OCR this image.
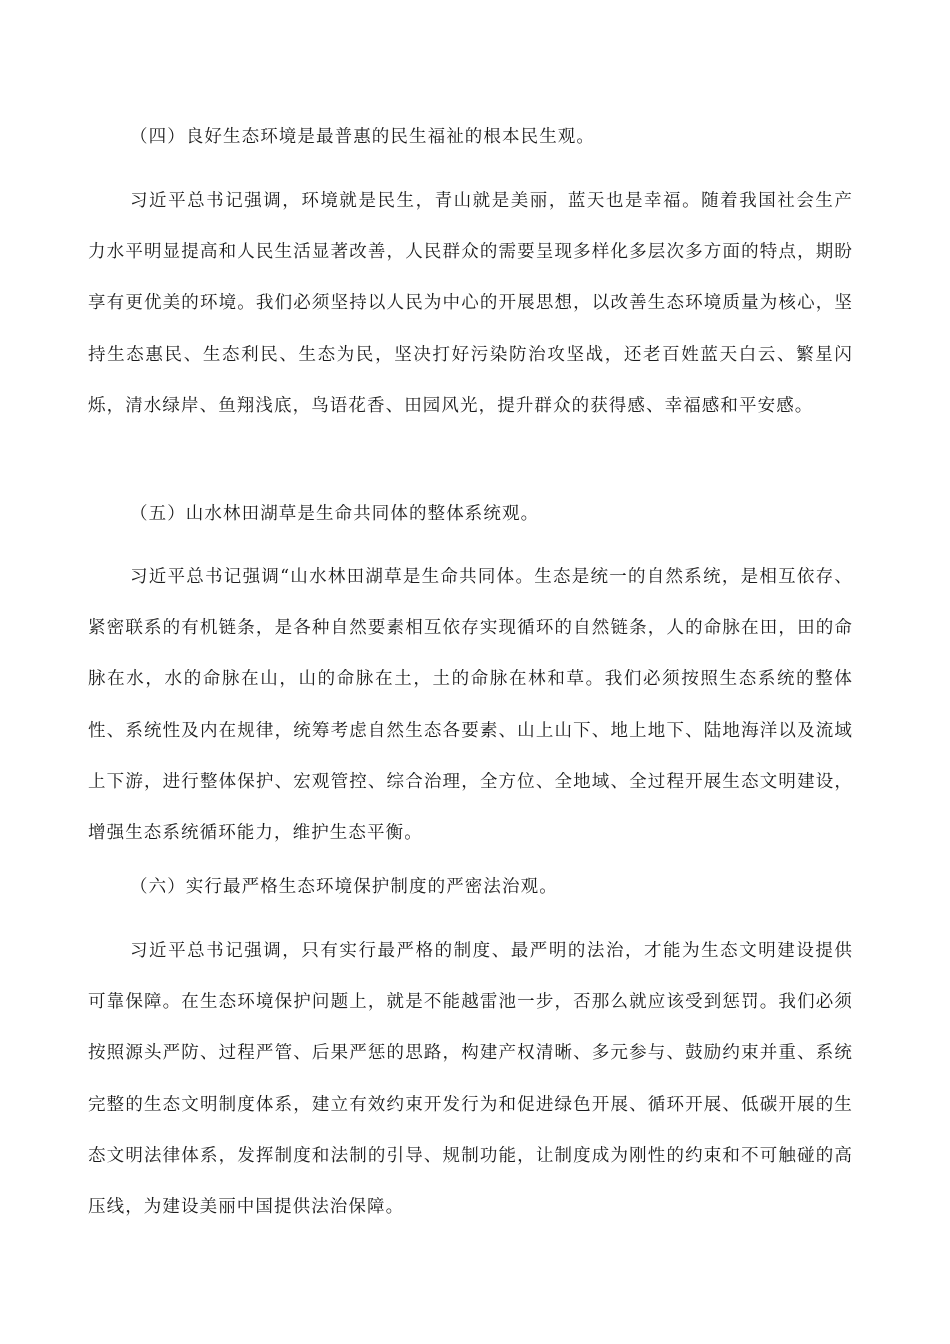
（四）良好生态环境是最普惠的民生福祉的根本民生观。

习近平总书记强调，环境就是民生，青山就是美丽，蓝天也是幸福。随着我国社会生产力水平明显提高和人民生活显著改善，人民群众的需要呈现多样化多层次多方面的特点，期盼享有更优美的环境。我们必须坚持以人民为中心的开展思想，以改善生态环境质量为核心，坚持生态惠民、生态利民、生态为民，坚决打好污染防治攻坚战，还老百姓蓝天白云、繁星闪烁，清水绿岸、鱼翔浅底，鸟语花香、田园风光，提升群众的获得感、幸福感和平安感。

（五）山水林田湖草是生命共同体的整体系统观。

习近平总书记强调“山水林田湖草是生命共同体。生态是统一的自然系统，是相互依存、紧密联系的有机链条，是各种自然要素相互依存实现循环的自然链条，人的命脉在田，田的命脉在水，水的命脉在山，山的命脉在土，土的命脉在林和草。我们必须按照生态系统的整体性、系统性及内在规律，统筹考虑自然生态各要素、山上山下、地上地下、陆地海洋以及流域上下游，进行整体保护、宏观管控、综合治理，全方位、全地域、全过程开展生态文明建设，增强生态系统循环能力，维护生态平衡。

（六）实行最严格生态环境保护制度的严密法治观。

习近平总书记强调，只有实行最严格的制度、最严明的法治，才能为生态文明建设提供可靠保障。在生态环境保护问题上，就是不能越雷池一步，否那么就应该受到惩罚。我们必须按照源头严防、过程严管、后果严惩的思路，构建产权清晰、多元参与、鼓励约束并重、系统完整的生态文明制度体系，建立有效约束开发行为和促进绿色开展、循环开展、低碳开展的生态文明法律体系，发挥制度和法制的引导、规制功能，让制度成为刚性的约束和不可触碰的高压线，为建设美丽中国提供法治保障。
